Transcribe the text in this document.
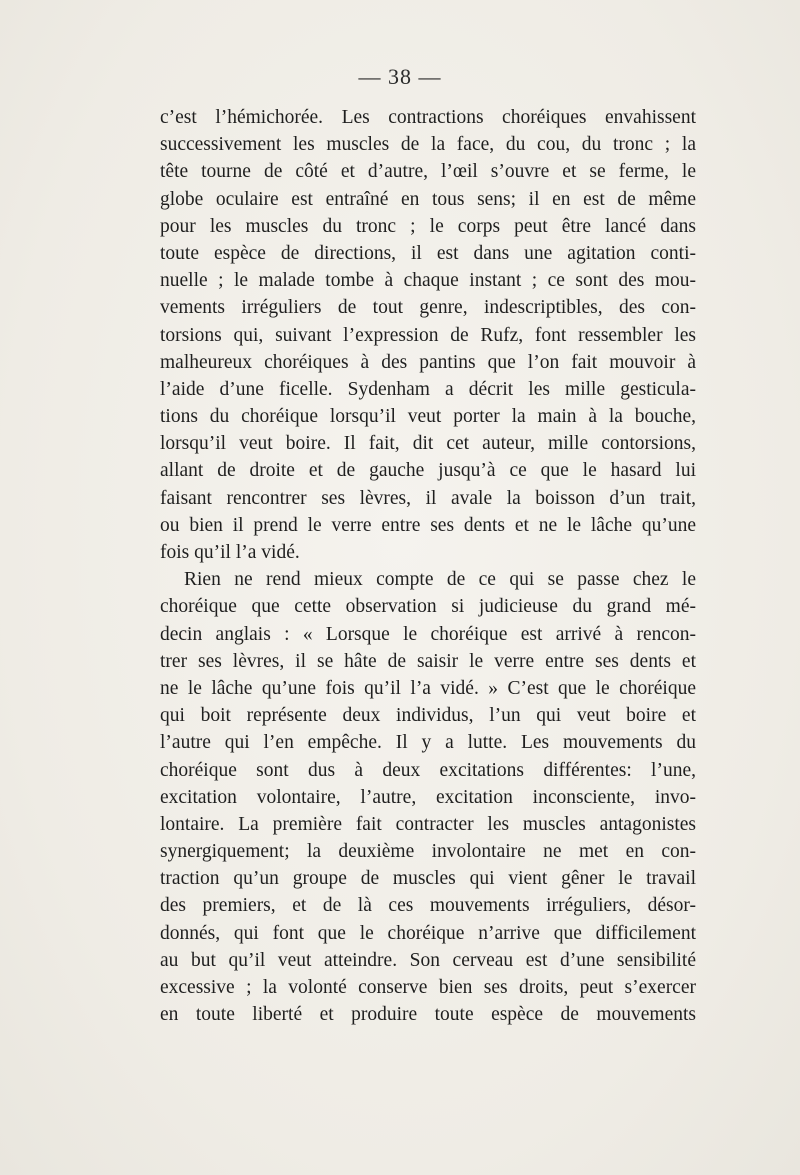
— 38 —
c’est l’hémichorée. Les contractions choréiques envahissent
successivement les muscles de la face, du cou, du tronc ; la
tête tourne de côté et d’autre, l’œil s’ouvre et se ferme, le
globe oculaire est entraîné en tous sens; il en est de même
pour les muscles du tronc ; le corps peut être lancé dans
toute espèce de directions, il est dans une agitation conti-
nuelle ; le malade tombe à chaque instant ; ce sont des mou-
vements irréguliers de tout genre, indescriptibles, des con-
torsions qui, suivant l’expression de Rufz, font ressembler les
malheureux choréiques à des pantins que l’on fait mouvoir à
l’aide d’une ficelle. Sydenham a décrit les mille gesticula-
tions du choréique lorsqu’il veut porter la main à la bouche,
lorsqu’il veut boire. Il fait, dit cet auteur, mille contorsions,
allant de droite et de gauche jusqu’à ce que le hasard lui
faisant rencontrer ses lèvres, il avale la boisson d’un trait,
ou bien il prend le verre entre ses dents et ne le lâche qu’une
fois qu’il l’a vidé.
Rien ne rend mieux compte de ce qui se passe chez le
choréique que cette observation si judicieuse du grand mé-
decin anglais : « Lorsque le choréique est arrivé à rencon-
trer ses lèvres, il se hâte de saisir le verre entre ses dents et
ne le lâche qu’une fois qu’il l’a vidé. » C’est que le choréique
qui boit représente deux individus, l’un qui veut boire et
l’autre qui l’en empêche. Il y a lutte. Les mouvements du
choréique sont dus à deux excitations différentes: l’une,
excitation volontaire, l’autre, excitation inconsciente, invo-
lontaire. La première fait contracter les muscles antagonistes
synergiquement; la deuxième involontaire ne met en con-
traction qu’un groupe de muscles qui vient gêner le travail
des premiers, et de là ces mouvements irréguliers, désor-
donnés, qui font que le choréique n’arrive que difficilement
au but qu’il veut atteindre. Son cerveau est d’une sensibilité
excessive ; la volonté conserve bien ses droits, peut s’exercer
en toute liberté et produire toute espèce de mouvements
